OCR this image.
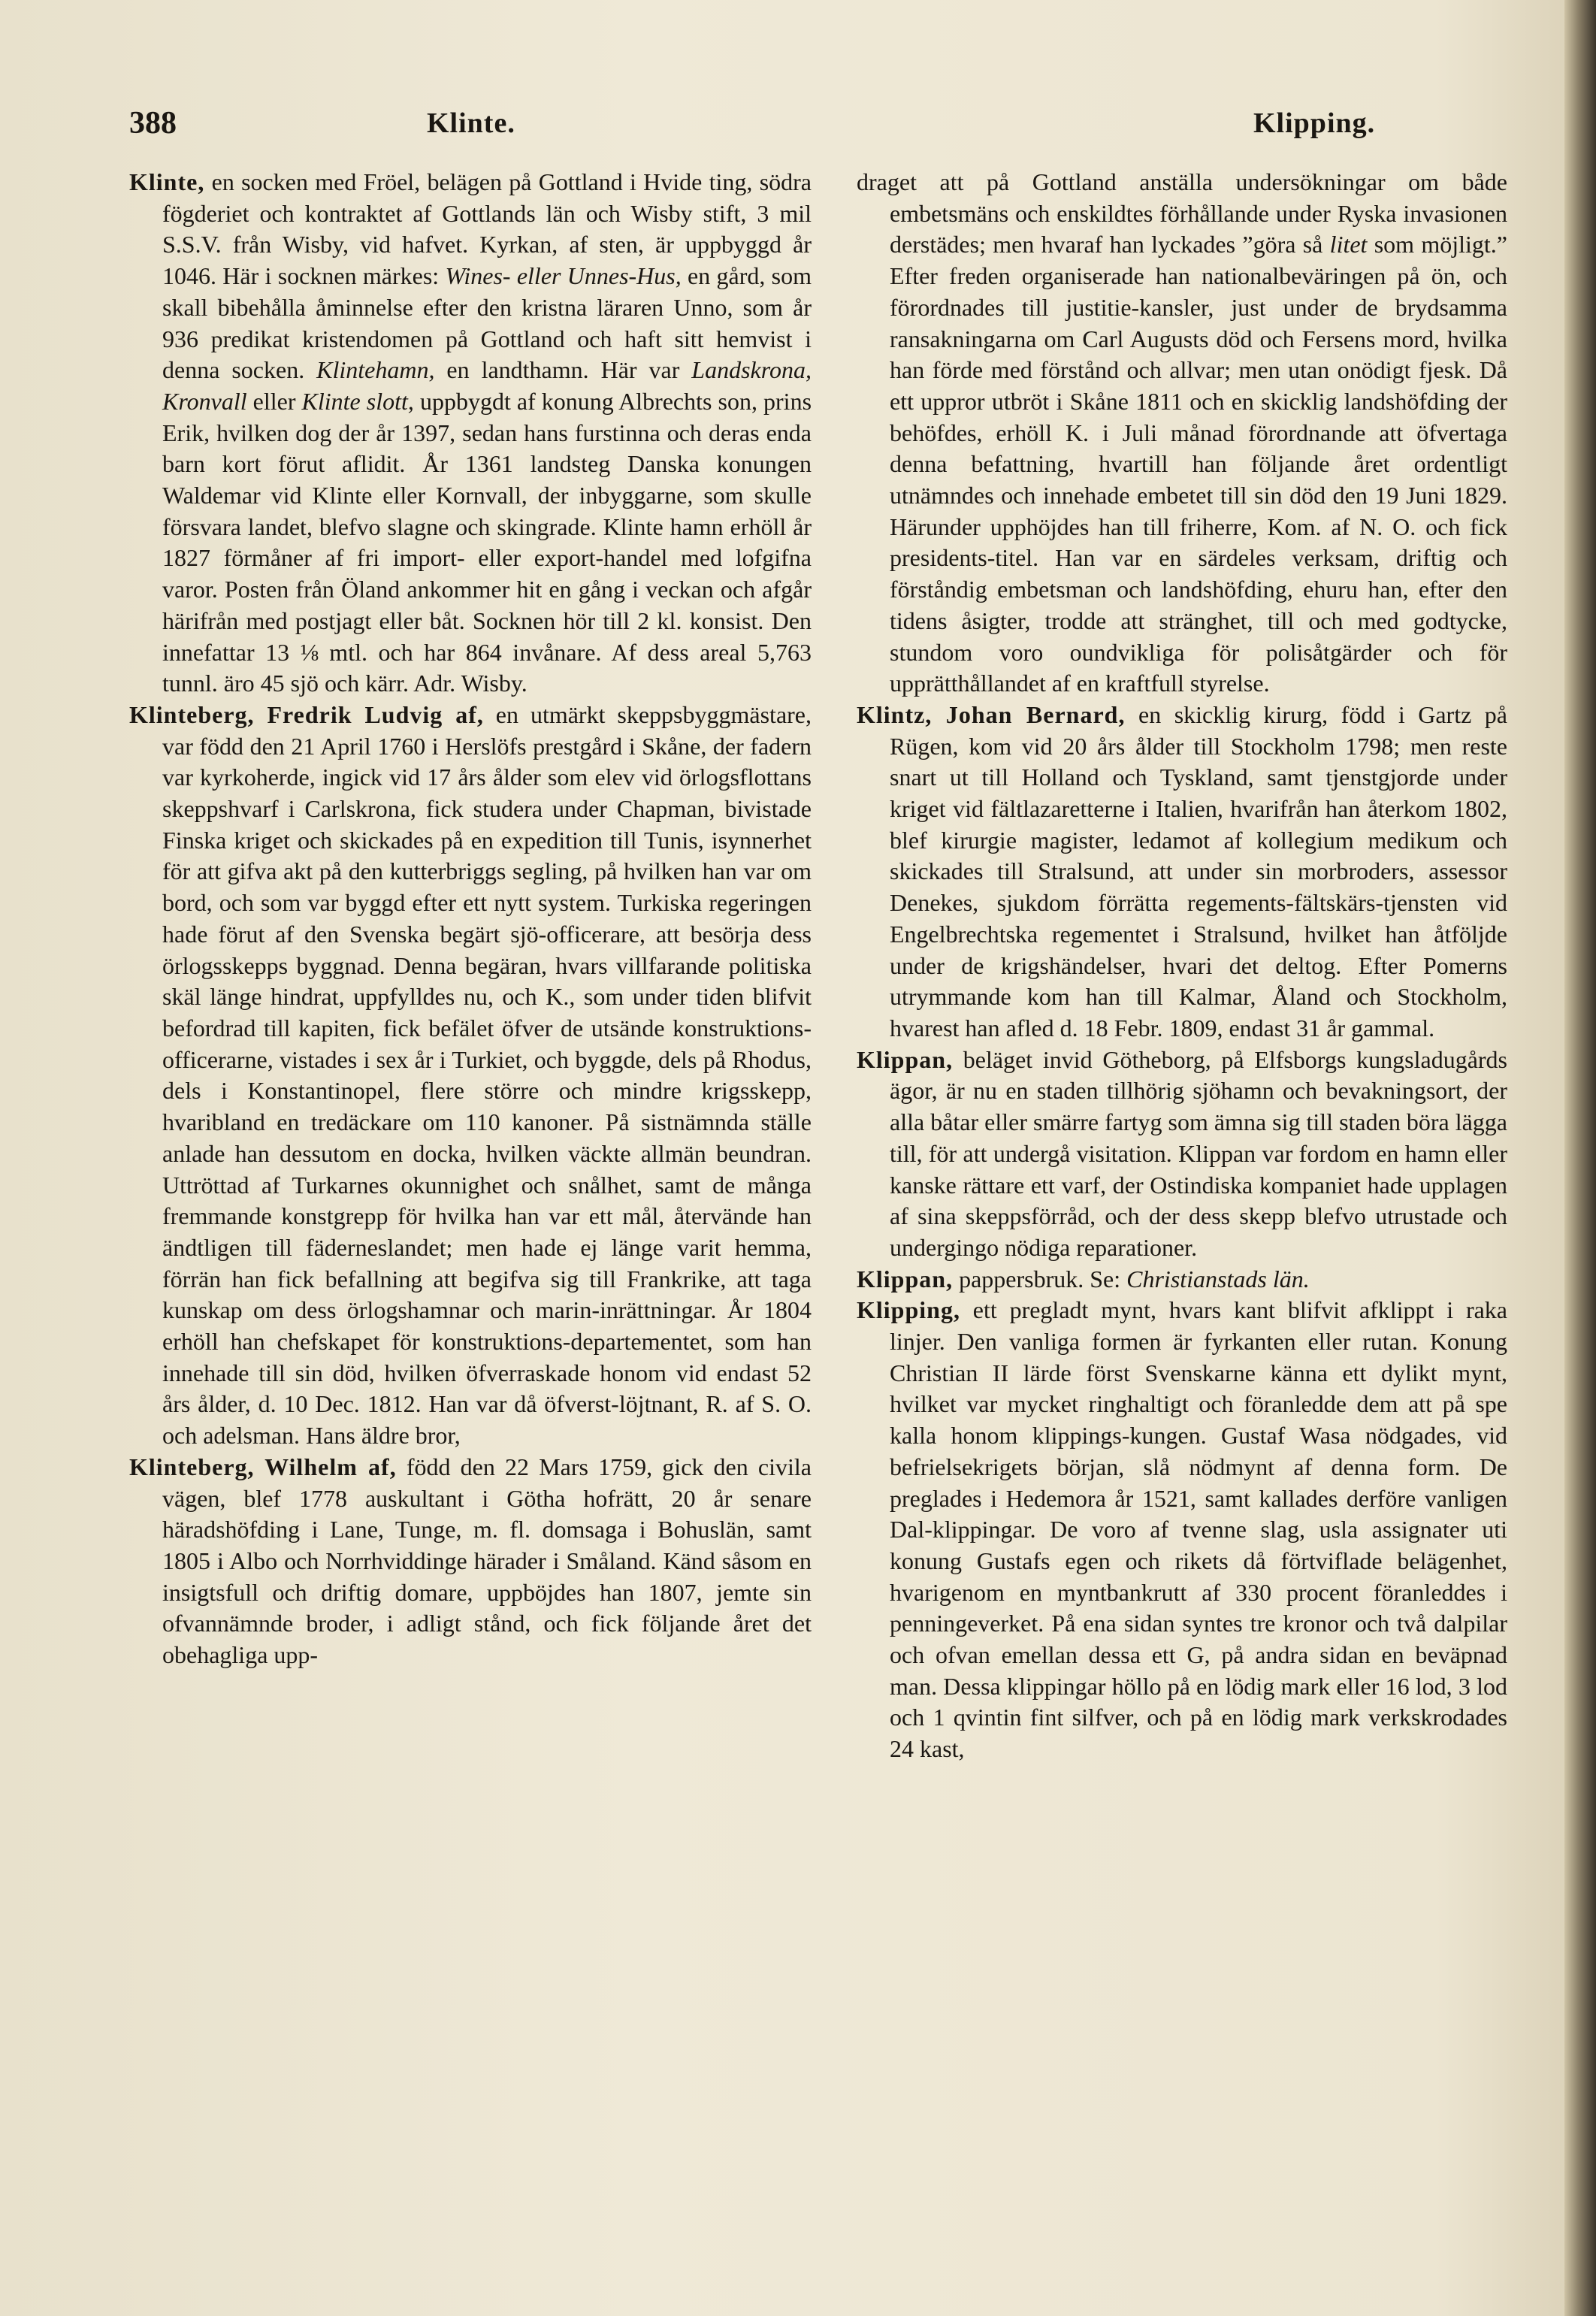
388	Klinte.	Klipping.

Klinte, en socken med Fröel, belägen på Gottland i Hvide ting, södra fögderiet och kontraktet af Gottlands län och Wisby stift, 3 mil S.S.V. från Wisby, vid hafvet. Kyrkan, af sten, är uppbyggd år 1046. Här i socknen märkes: Wines- eller Unnes-Hus, en gård, som skall bibehålla åminnelse efter den kristna läraren Unno, som år 936 predikat kristendomen på Gottland och haft sitt hemvist i denna socken. Klintehamn, en landthamn. Här var Landskrona, Kronvall eller Klinte slott, uppbygdt af konung Albrechts son, prins Erik, hvilken dog der år 1397, sedan hans furstinna och deras enda barn kort förut aflidit. År 1361 landsteg Danska konungen Waldemar vid Klinte eller Kornvall, der inbyggarne, som skulle försvara landet, blefvo slagne och skingrade. Klinte hamn erhöll år 1827 förmåner af fri import- eller export-handel med lofgifna varor. Posten från Öland ankommer hit en gång i veckan och afgår härifrån med postjagt eller båt. Socknen hör till 2 kl. konsist. Den innefattar 13 ⅛ mtl. och har 864 invånare. Af dess areal 5,763 tunnl. äro 45 sjö och kärr. Adr. Wisby.

Klinteberg, Fredrik Ludvig af, en utmärkt skeppsbyggmästare, var född den 21 April 1760 i Herslöfs prestgård i Skåne, der fadern var kyrkoherde, ingick vid 17 års ålder som elev vid örlogsflottans skeppshvarf i Carlskrona, fick studera under Chapman, bivistade Finska kriget och skickades på en expedition till Tunis, isynnerhet för att gifva akt på den kutterbriggs segling, på hvilken han var om bord, och som var byggd efter ett nytt system. Turkiska regeringen hade förut af den Svenska begärt sjö-officerare, att besörja dess örlogsskepps byggnad. Denna begäran, hvars villfarande politiska skäl länge hindrat, uppfylldes nu, och K., som under tiden blifvit befordrad till kapiten, fick befälet öfver de utsände konstruktions-officerarne, vistades i sex år i Turkiet, och byggde, dels på Rhodus, dels i Konstantinopel, flere större och mindre krigsskepp, hvaribland en tredäckare om 110 kanoner. På sistnämnda ställe anlade han dessutom en docka, hvilken väckte allmän beundran. Uttröttad af Turkarnes okunnighet och snålhet, samt de många fremmande konstgrepp för hvilka han var ett mål, återvände han ändtligen till fäderneslandet; men hade ej länge varit hemma, förrän han fick befallning att begifva sig till Frankrike, att taga kunskap om dess örlogshamnar och marin-inrättningar. År 1804 erhöll han chefskapet för konstruktions-departementet, som han innehade till sin död, hvilken öfverraskade honom vid endast 52 års ålder, d. 10 Dec. 1812. Han var då öfverst-löjtnant, R. af S. O. och adelsman. Hans äldre bror,

Klinteberg, Wilhelm af, född den 22 Mars 1759, gick den civila vägen, blef 1778 auskultant i Götha hofrätt, 20 år senare häradshöfding i Lane, Tunge, m. fl. domsaga i Bohuslän, samt 1805 i Albo och Norrhviddinge härader i Småland. Känd såsom en insigtsfull och driftig domare, uppböjdes han 1807, jemte sin ofvannämnde broder, i adligt stånd, och fick följande året det obehagliga upp-

draget att på Gottland anställa undersökningar om både embetsmäns och enskildtes förhållande under Ryska invasionen derstädes; men hvaraf han lyckades ”göra så litet som möjligt.” Efter freden organiserade han nationalbeväringen på ön, och förordnades till justitie-kansler, just under de brydsamma ransakningarna om Carl Augusts död och Fersens mord, hvilka han förde med förstånd och allvar; men utan onödigt fjesk. Då ett uppror utbröt i Skåne 1811 och en skicklig landshöfding der behöfdes, erhöll K. i Juli månad förordnande att öfvertaga denna befattning, hvartill han följande året ordentligt utnämndes och innehade embetet till sin död den 19 Juni 1829. Härunder upphöjdes han till friherre, Kom. af N. O. och fick presidents-titel. Han var en särdeles verksam, driftig och förståndig embetsman och landshöfding, ehuru han, efter den tidens åsigter, trodde att stränghet, till och med godtycke, stundom voro oundvikliga för polisåtgärder och för upprätthållandet af en kraftfull styrelse.

Klintz, Johan Bernard, en skicklig kirurg, född i Gartz på Rügen, kom vid 20 års ålder till Stockholm 1798; men reste snart ut till Holland och Tyskland, samt tjenstgjorde under kriget vid fältlazaretterne i Italien, hvarifrån han återkom 1802, blef kirurgie magister, ledamot af kollegium medikum och skickades till Stralsund, att under sin morbroders, assessor Denekes, sjukdom förrätta regements-fältskärs-tjensten vid Engelbrechtska regementet i Stralsund, hvilket han åtföljde under de krigshändelser, hvari det deltog. Efter Pomerns utrymmande kom han till Kalmar, Åland och Stockholm, hvarest han afled d. 18 Febr. 1809, endast 31 år gammal.

Klippan, beläget invid Götheborg, på Elfsborgs kungsladugårds ägor, är nu en staden tillhörig sjöhamn och bevakningsort, der alla båtar eller smärre fartyg som ämna sig till staden böra lägga till, för att undergå visitation. Klippan var fordom en hamn eller kanske rättare ett varf, der Ostindiska kompaniet hade upplagen af sina skeppsförråd, och der dess skepp blefvo utrustade och undergingo nödiga reparationer.

Klippan, pappersbruk. Se: Christianstads län.

Klipping, ett pregladt mynt, hvars kant blifvit afklippt i raka linjer. Den vanliga formen är fyrkanten eller rutan. Konung Christian II lärde först Svenskarne känna ett dylikt mynt, hvilket var mycket ringhaltigt och föranledde dem att på spe kalla honom klippings-kungen. Gustaf Wasa nödgades, vid befrielsekrigets början, slå nödmynt af denna form. De preglades i Hedemora år 1521, samt kallades derföre vanligen Dal-klippingar. De voro af tvenne slag, usla assignater uti konung Gustafs egen och rikets då förtviflade belägenhet, hvarigenom en myntbankrutt af 330 procent föranleddes i penningeverket. På ena sidan syntes tre kronor och två dalpilar och ofvan emellan dessa ett G, på andra sidan en beväpnad man. Dessa klippingar höllo på en lödig mark eller 16 lod, 3 lod och 1 qvintin fint silfver, och på en lödig mark verkskrodades 24 kast,
